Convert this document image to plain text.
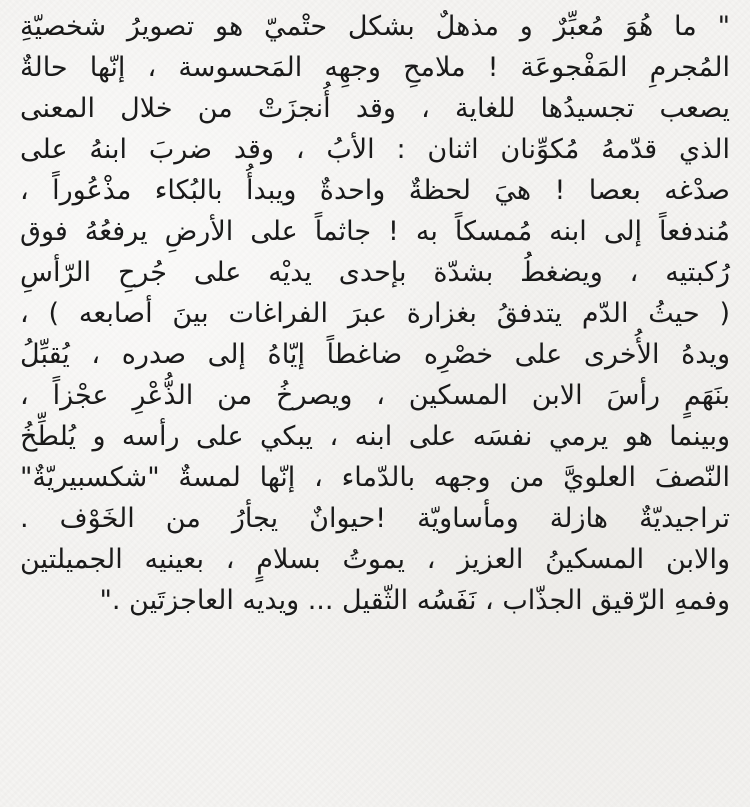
" ما هُوَ مُعبِّرٌ و مذهلٌ بشكل حتْميّ هو تصويرُ شخصيّةِ
المُجرمِ المَفْجوعَة ! ملامحِ وجهِه المَحسوسة ، إنّها حالةٌ
يصعب تجسيدُها للغاية ، وقد أُنجزَتْ من خلال المعنى
الذي قدّمهُ مُكوِّنان اثنان : الأبُ ، وقد ضربَ ابنهُ على
صدْغه بعصا ! هيَ لحظةٌ واحدةٌ ويبدأُ بالبُكاء مذْعُوراً ،
مُندفعاً إلى ابنه مُمسكاً به ! جاثماً على الأرضِ يرفعُهُ فوق
رُكبتيه ، ويضغطُ بشدّة بإحدى يديْه على جُرحِ الرّأسِ
( حيثُ الدّم يتدفقُ بغزارة عبرَ الفراغات بينَ أصابعه ) ،
ويدهُ الأُخرى على خصْرِه ضاغطاً إيّاهُ إلى صدره ، يُقبِّلُ
بنَهَمٍ رأسَ الابن المسكين ، ويصرخُ من الذُّعْرِ عجْزاً ،
وبينما هو يرمي نفسَه على ابنه ، يبكي على رأسه و يُلطِّخُ
النّصفَ العلويَّ من وجهه بالدّماء ، إنّها لمسةٌ "شكسبيريّةٌ"
تراجيديّةٌ هازلة ومأساويّة !حيوانٌ يجأرُ من الخَوْف .
والابن المسكينُ العزيز ، يموتُ بسلامٍ ، بعينيه الجميلتين
وفمهِ الرّقيق الجذّاب ، نَفَسُه الثّقيل ... ويديه العاجزتَين ."
